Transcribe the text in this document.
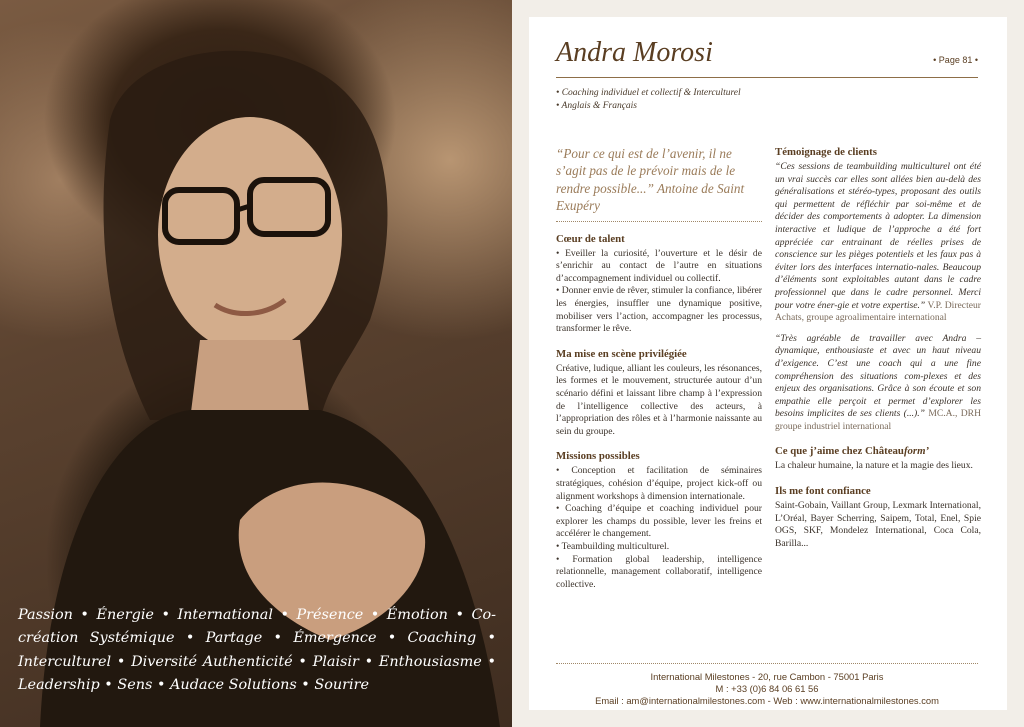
Passion • Énergie • International • Présence • Émotion • Co-création Systémique • Partage • Émergence • Coaching • Interculturel • Diversité Authenticité • Plaisir • Enthousiasme • Leadership • Sens • Audace Solutions • Sourire
Andra Morosi	• Page 81 •
• Coaching individuel et collectif & Interculturel
• Anglais & Français
“Pour ce qui est de l’avenir, il ne s’agit pas de le prévoir mais de le rendre possible...” Antoine de Saint Exupéry
Cœur de talent

• Eveiller la curiosité, l’ouverture et le désir de s’enrichir au contact de l’autre en situations d’accompagnement individuel ou collectif.

• Donner envie de rêver, stimuler la confiance, libérer les énergies, insuffler une dynamique positive, mobiliser vers l’action, accompagner les processus, transformer le rêve.

Ma mise en scène privilégiée

Créative, ludique, alliant les couleurs, les résonances, les formes et le mouvement, structurée autour d’un scénario défini et laissant libre champ à l’expression de l’intelligence collective des acteurs, à l’appropriation des rôles et à l’harmonie naissante au sein du groupe.

Missions possibles

• Conception et facilitation de séminaires stratégiques, cohésion d’équipe, project kick-off ou alignment workshops à dimension internationale.

• Coaching d’équipe et coaching individuel pour explorer les champs du possible, lever les freins et accélérer le changement.

• Teambuilding multiculturel.

• Formation global leadership, intelligence relationnelle, management collaboratif, intelligence collective.

Témoignage de clients

“Ces sessions de teambuilding multiculturel ont été un vrai succès car elles sont allées bien au-delà des généralisations et stéréo-types, proposant des outils qui permettent de réfléchir par soi-même et de décider des comportements à adopter. La dimension interactive et ludique de l’approche a été fort appréciée car entrainant de réelles prises de conscience sur les pièges potentiels et les faux pas à éviter lors des interfaces internatio-nales. Beaucoup d’éléments sont exploitables autant dans le cadre professionnel que dans le cadre personnel. Merci pour votre éner-gie et votre expertise.” V.P. Directeur Achats, groupe agroalimentaire international

“Très agréable de travailler avec Andra – dynamique, enthousiaste et avec un haut niveau d’exigence. C’est une coach qui a une fine compréhension des situations com-plexes et des enjeux des organisations. Grâce à son écoute et son empathie elle perçoit et permet d’explorer les besoins implicites de ses clients (...).” MC.A., DRH groupe industriel international

Ce que j’aime chez Châteauform’

La chaleur humaine, la nature et la magie des lieux.

Ils me font confiance

Saint-Gobain, Vaillant Group, Lexmark International, L’Oréal, Bayer Scherring, Saipem, Total, Enel, Spie OGS, SKF, Mondelez International, Coca Cola, Barilla...

International Milestones - 20, rue Cambon - 75001 Paris
M : +33 (0)6 84 06 61 56
Email : am@internationalmilestones.com - Web : www.internationalmilestones.com
